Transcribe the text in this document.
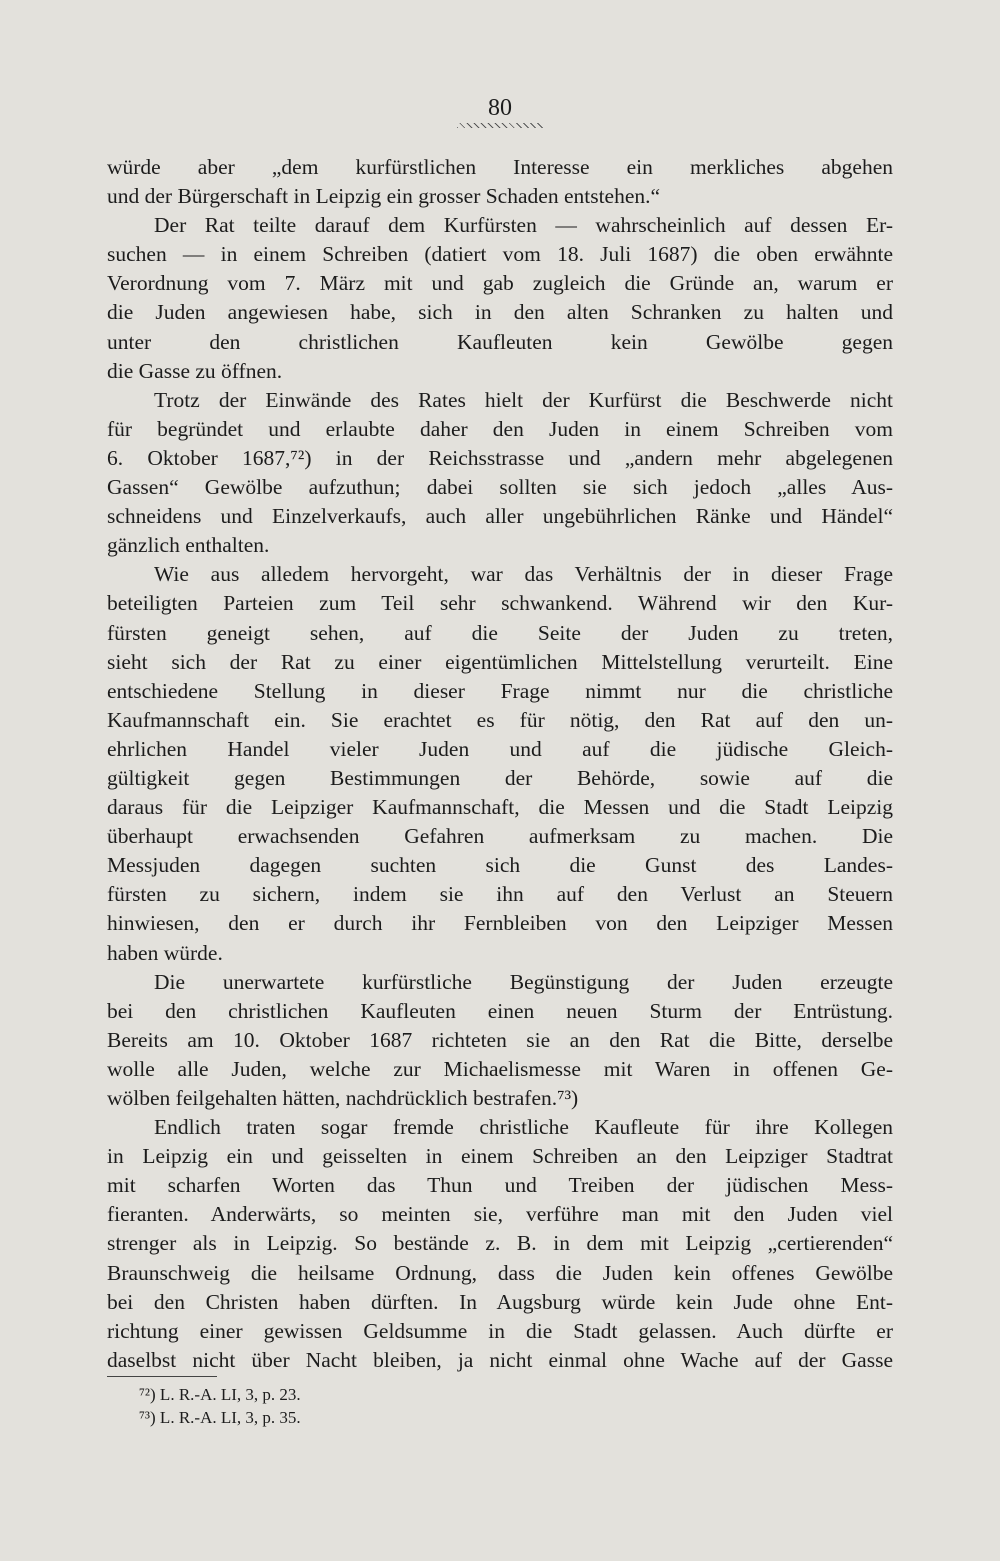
80
würde aber „dem kurfürstlichen Interesse ein merkliches abgehen
und der Bürgerschaft in Leipzig ein grosser Schaden entstehen.“
Der Rat teilte darauf dem Kurfürsten — wahrscheinlich auf dessen Er-
suchen — in einem Schreiben (datiert vom 18. Juli 1687) die oben erwähnte
Verordnung vom 7. März mit und gab zugleich die Gründe an, warum er
die Juden angewiesen habe, sich in den alten Schranken zu halten und
unter den christlichen Kaufleuten kein Gewölbe gegen
die Gasse zu öffnen.
Trotz der Einwände des Rates hielt der Kurfürst die Beschwerde nicht
für begründet und erlaubte daher den Juden in einem Schreiben vom
6. Oktober 1687,⁷²) in der Reichsstrasse und „andern mehr abgelegenen
Gassen“ Gewölbe aufzuthun; dabei sollten sie sich jedoch „alles Aus-
schneidens und Einzelverkaufs, auch aller ungebührlichen Ränke und Händel“
gänzlich enthalten.
Wie aus alledem hervorgeht, war das Verhältnis der in dieser Frage
beteiligten Parteien zum Teil sehr schwankend. Während wir den Kur-
fürsten geneigt sehen, auf die Seite der Juden zu treten,
sieht sich der Rat zu einer eigentümlichen Mittelstellung verurteilt. Eine
entschiedene Stellung in dieser Frage nimmt nur die christliche
Kaufmannschaft ein. Sie erachtet es für nötig, den Rat auf den un-
ehrlichen Handel vieler Juden und auf die jüdische Gleich-
gültigkeit gegen Bestimmungen der Behörde, sowie auf die
daraus für die Leipziger Kaufmannschaft, die Messen und die Stadt Leipzig
überhaupt erwachsenden Gefahren aufmerksam zu machen. Die
Messjuden dagegen suchten sich die Gunst des Landes-
fürsten zu sichern, indem sie ihn auf den Verlust an Steuern
hinwiesen, den er durch ihr Fernbleiben von den Leipziger Messen
haben würde.
Die unerwartete kurfürstliche Begünstigung der Juden erzeugte
bei den christlichen Kaufleuten einen neuen Sturm der Entrüstung.
Bereits am 10. Oktober 1687 richteten sie an den Rat die Bitte, derselbe
wolle alle Juden, welche zur Michaelismesse mit Waren in offenen Ge-
wölben feilgehalten hätten, nachdrücklich bestrafen.⁷³)
Endlich traten sogar fremde christliche Kaufleute für ihre Kollegen
in Leipzig ein und geisselten in einem Schreiben an den Leipziger Stadtrat
mit scharfen Worten das Thun und Treiben der jüdischen Mess-
fieranten. Anderwärts, so meinten sie, verführe man mit den Juden viel
strenger als in Leipzig. So bestände z. B. in dem mit Leipzig „certierenden“
Braunschweig die heilsame Ordnung, dass die Juden kein offenes Gewölbe
bei den Christen haben dürften. In Augsburg würde kein Jude ohne Ent-
richtung einer gewissen Geldsumme in die Stadt gelassen. Auch dürfte er
daselbst nicht über Nacht bleiben, ja nicht einmal ohne Wache auf der Gasse
⁷²) L. R.-A. LI, 3, p. 23.
⁷³) L. R.-A. LI, 3, p. 35.
